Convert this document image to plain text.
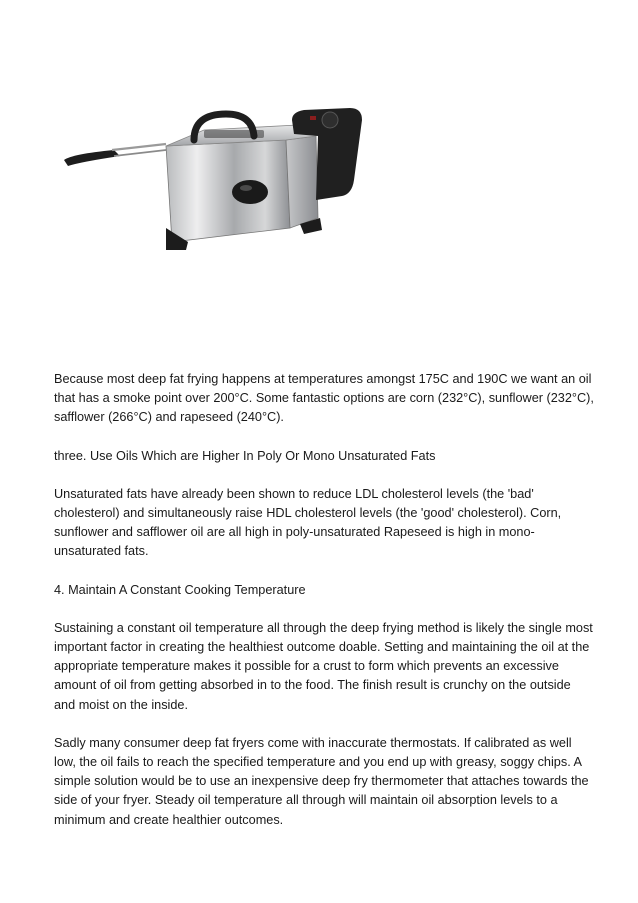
Because most deep fat frying happens at temperatures amongst 175C and 190C we want an oil that has a smoke point over 200°C. Some fantastic options are corn (232°C), sunflower (232°C), safflower (266°C) and rapeseed (240°C).

three. Use Oils Which are Higher In Poly Or Mono Unsaturated Fats

Unsaturated fats have already been shown to reduce LDL cholesterol levels (the 'bad' cholesterol) and simultaneously raise HDL cholesterol levels (the 'good' cholesterol). Corn, sunflower and safflower oil are all high in poly-unsaturated Rapeseed is high in mono-unsaturated fats.

4. Maintain A Constant Cooking Temperature

Sustaining a constant oil temperature all through the deep frying method is likely the single most important factor in creating the healthiest outcome doable. Setting and maintaining the oil at the appropriate temperature makes it possible for a crust to form which prevents an excessive amount of oil from getting absorbed in to the food. The finish result is crunchy on the outside and moist on the inside.

Sadly many consumer deep fat fryers come with inaccurate thermostats. If calibrated as well low, the oil fails to reach the specified temperature and you end up with greasy, soggy chips. A simple solution would be to use an inexpensive deep fry thermometer that attaches towards the side of your fryer. Steady oil temperature all through will maintain oil absorption levels to a minimum and create healthier outcomes.
